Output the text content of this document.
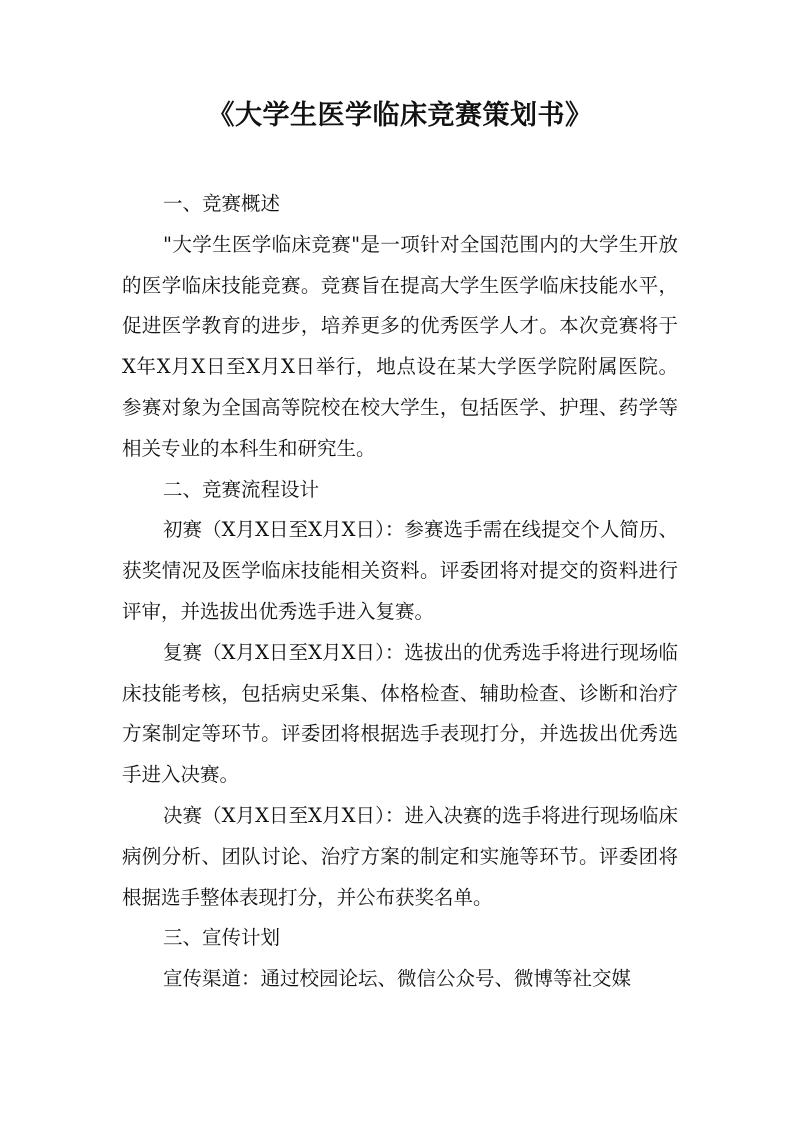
《大学生医学临床竞赛策划书》

一、竞赛概述

"大学生医学临床竞赛"是一项针对全国范围内的大学生开放的医学临床技能竞赛。竞赛旨在提高大学生医学临床技能水平，促进医学教育的进步，培养更多的优秀医学人才。本次竞赛将于X年X月X日至X月X日举行，地点设在某大学医学院附属医院。参赛对象为全国高等院校在校大学生，包括医学、护理、药学等相关专业的本科生和研究生。

二、竞赛流程设计

初赛（X月X日至X月X日）：参赛选手需在线提交个人简历、获奖情况及医学临床技能相关资料。评委团将对提交的资料进行评审，并选拔出优秀选手进入复赛。

复赛（X月X日至X月X日）：选拔出的优秀选手将进行现场临床技能考核，包括病史采集、体格检查、辅助检查、诊断和治疗方案制定等环节。评委团将根据选手表现打分，并选拔出优秀选手进入决赛。

决赛（X月X日至X月X日）：进入决赛的选手将进行现场临床病例分析、团队讨论、治疗方案的制定和实施等环节。评委团将根据选手整体表现打分，并公布获奖名单。

三、宣传计划

宣传渠道：通过校园论坛、微信公众号、微博等社交媒
